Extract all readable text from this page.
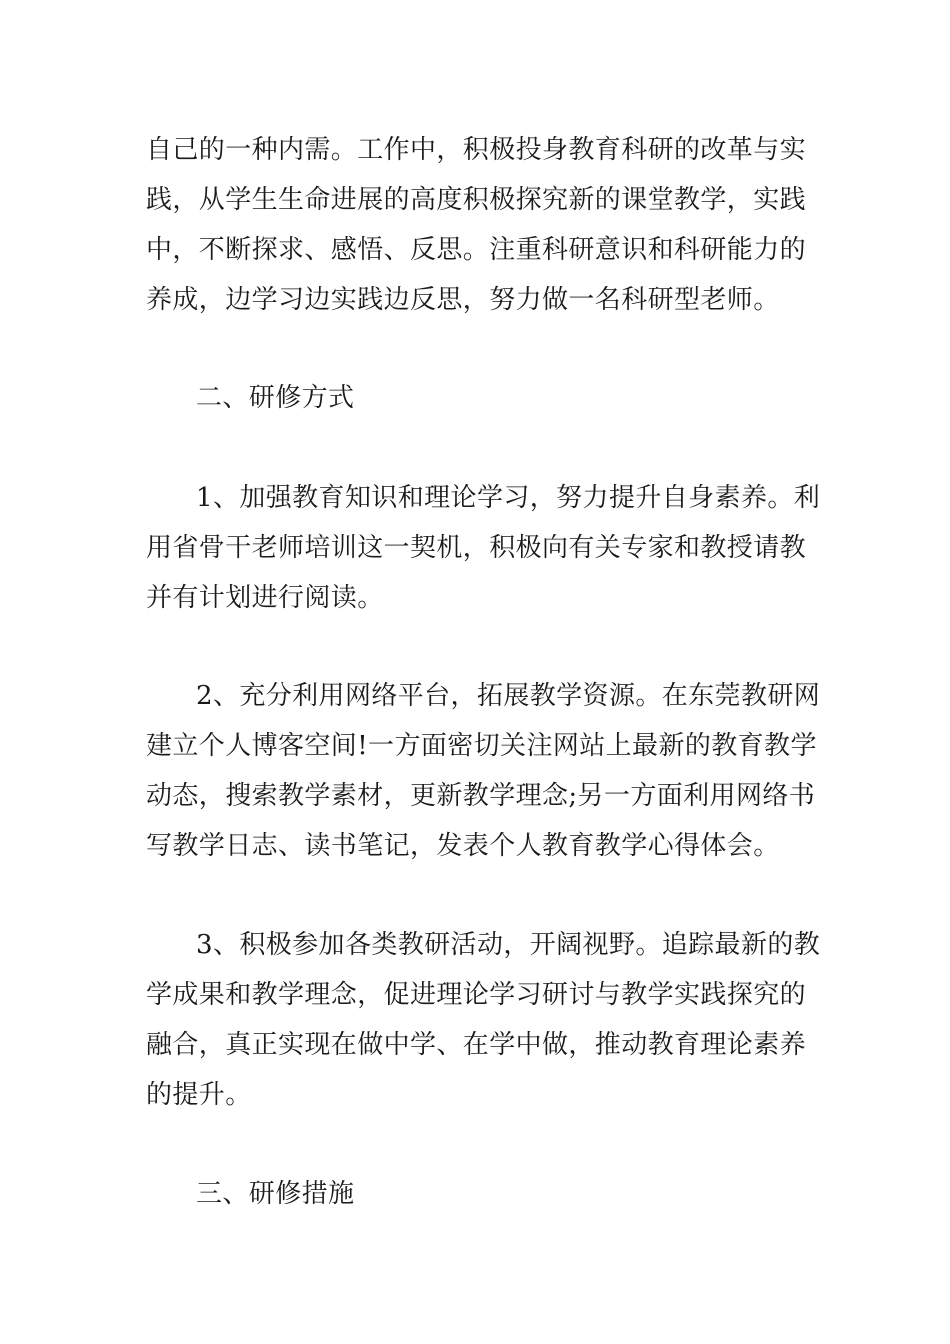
自己的一种内需。工作中，积极投身教育科研的改革与实
践，从学生生命进展的高度积极探究新的课堂教学，实践
中，不断探求、感悟、反思。注重科研意识和科研能力的
养成，边学习边实践边反思，努力做一名科研型老师。
二、研修方式
1、加强教育知识和理论学习，努力提升自身素养。利
用省骨干老师培训这一契机，积极向有关专家和教授请教
并有计划进行阅读。
2、充分利用网络平台，拓展教学资源。在东莞教研网
建立个人博客空间!一方面密切关注网站上最新的教育教学
动态，搜索教学素材，更新教学理念;另一方面利用网络书
写教学日志、读书笔记，发表个人教育教学心得体会。
3、积极参加各类教研活动，开阔视野。追踪最新的教
学成果和教学理念，促进理论学习研讨与教学实践探究的
融合，真正实现在做中学、在学中做，推动教育理论素养
的提升。
三、研修措施
